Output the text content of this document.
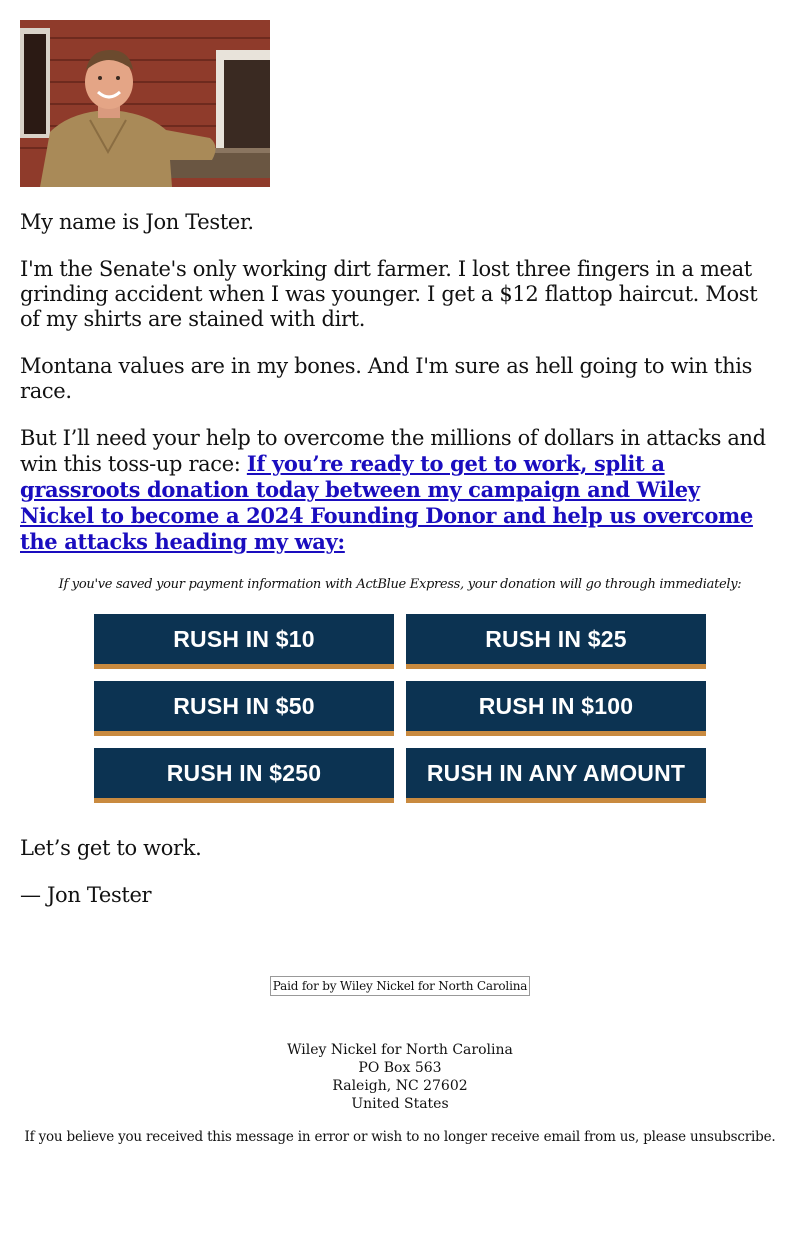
My name is Jon Tester.

I'm the Senate's only working dirt farmer. I lost three fingers in a meat grinding accident when I was younger. I get a $12 flattop haircut. Most of my shirts are stained with dirt.

Montana values are in my bones. And I'm sure as hell going to win this race.

But I’ll need your help to overcome the millions of dollars in attacks and win this toss-up race: If you’re ready to get to work, split a grassroots donation today between my campaign and Wiley Nickel to become a 2024 Founding Donor and help us overcome the attacks heading my way:

If you've saved your payment information with ActBlue Express, your donation will go through immediately:
RUSH IN $10	RUSH IN $25
RUSH IN $50	RUSH IN $100
RUSH IN $250	RUSH IN ANY AMOUNT

Let’s get to work.

— Jon Tester

Paid for by Wiley Nickel for North Carolina
Wiley Nickel for North Carolina
PO Box 563
Raleigh, NC 27602
United States
If you believe you received this message in error or wish to no longer receive email from us, please unsubscribe.
